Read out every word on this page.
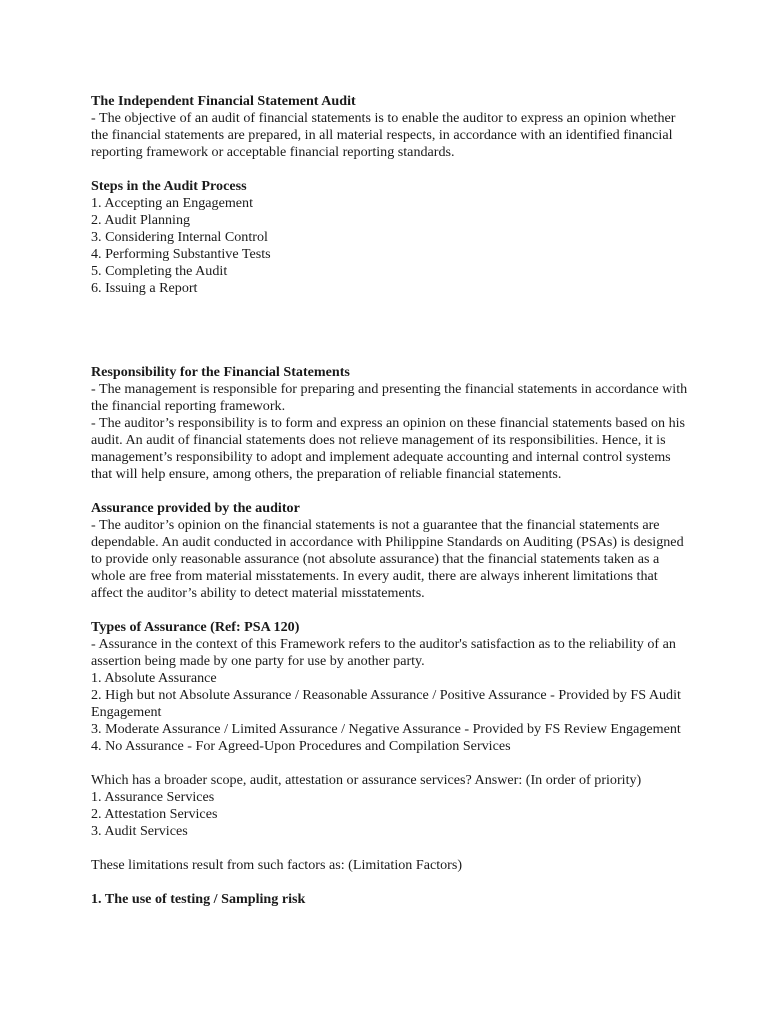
The Independent Financial Statement Audit
- The objective of an audit of financial statements is to enable the auditor to express an opinion whether
the financial statements are prepared, in all material respects, in accordance with an identified financial
reporting framework or acceptable financial reporting standards.
Steps in the Audit Process
1. Accepting an Engagement
2. Audit Planning
3. Considering Internal Control
4. Performing Substantive Tests
5. Completing the Audit
6. Issuing a Report
Responsibility for the Financial Statements
- The management is responsible for preparing and presenting the financial statements in accordance with
the financial reporting framework.
- The auditor’s responsibility is to form and express an opinion on these financial statements based on his
audit. An audit of financial statements does not relieve management of its responsibilities. Hence, it is
management’s responsibility to adopt and implement adequate accounting and internal control systems
that will help ensure, among others, the preparation of reliable financial statements.
Assurance provided by the auditor
- The auditor’s opinion on the financial statements is not a guarantee that the financial statements are
dependable. An audit conducted in accordance with Philippine Standards on Auditing (PSAs) is designed
to provide only reasonable assurance (not absolute assurance) that the financial statements taken as a
whole are free from material misstatements. In every audit, there are always inherent limitations that
affect the auditor’s ability to detect material misstatements.
Types of Assurance (Ref: PSA 120)
- Assurance in the context of this Framework refers to the auditor's satisfaction as to the reliability of an
assertion being made by one party for use by another party.
1. Absolute Assurance
2. High but not Absolute Assurance / Reasonable Assurance / Positive Assurance - Provided by FS Audit
Engagement
3. Moderate Assurance / Limited Assurance / Negative Assurance - Provided by FS Review Engagement
4. No Assurance - For Agreed-Upon Procedures and Compilation Services
Which has a broader scope, audit, attestation or assurance services? Answer: (In order of priority)
1. Assurance Services
2. Attestation Services
3. Audit Services
These limitations result from such factors as: (Limitation Factors)
1. The use of testing / Sampling risk
